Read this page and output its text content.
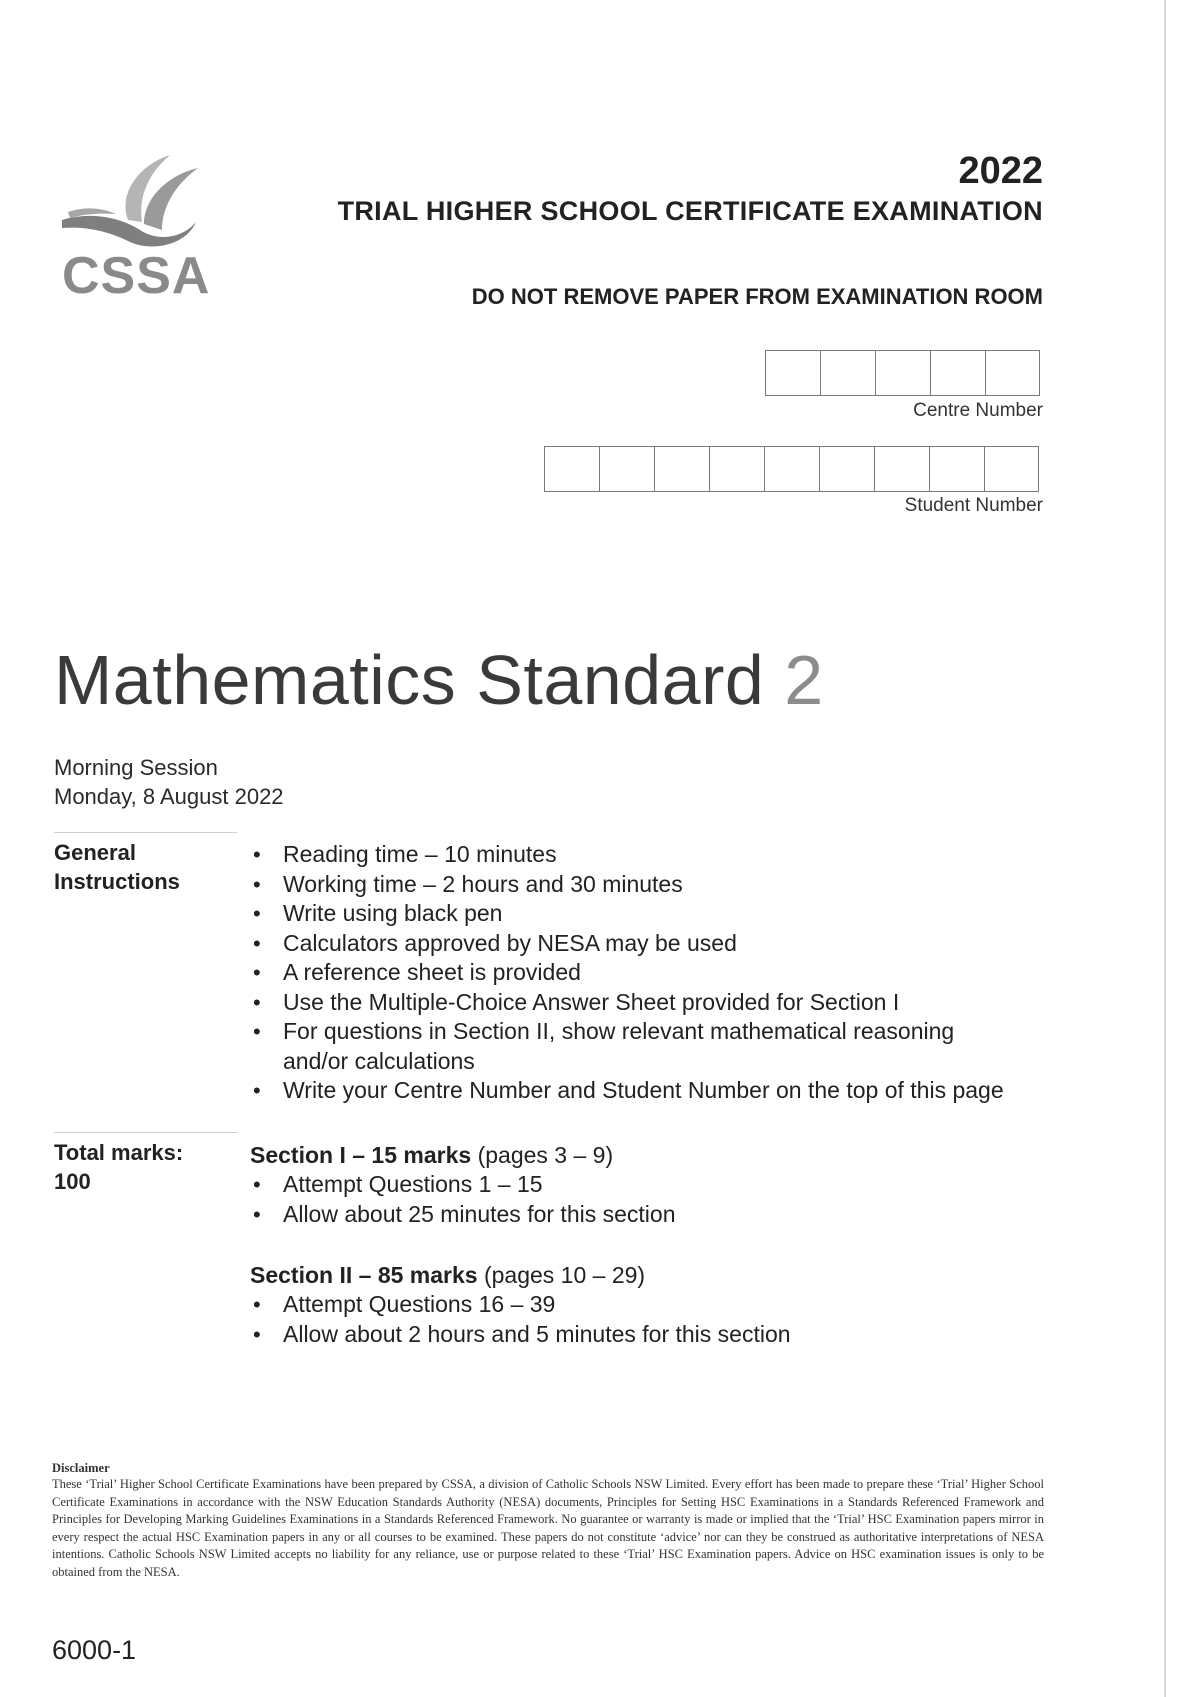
CSSA
2022
TRIAL HIGHER SCHOOL CERTIFICATE EXAMINATION
DO NOT REMOVE PAPER FROM EXAMINATION ROOM
Centre Number
Student Number
Mathematics Standard 2
Morning Session
Monday, 8 August 2022
General
Instructions
• Reading time – 10 minutes
• Working time – 2 hours and 30 minutes
• Write using black pen
• Calculators approved by NESA may be used
• A reference sheet is provided
• Use the Multiple-Choice Answer Sheet provided for Section I
• For questions in Section II, show relevant mathematical reasoning and/or calculations
• Write your Centre Number and Student Number on the top of this page
Total marks:
100
Section I – 15 marks (pages 3 – 9)
• Attempt Questions 1 – 15
• Allow about 25 minutes for this section
Section II – 85 marks (pages 10 – 29)
• Attempt Questions 16 – 39
• Allow about 2 hours and 5 minutes for this section
Disclaimer
These ‘Trial’ Higher School Certificate Examinations have been prepared by CSSA, a division of Catholic Schools NSW Limited. Every effort has been made to prepare these ‘Trial’ Higher School Certificate Examinations in accordance with the NSW Education Standards Authority (NESA) documents, Principles for Setting HSC Examinations in a Standards Referenced Framework and Principles for Developing Marking Guidelines Examinations in a Standards Referenced Framework. No guarantee or warranty is made or implied that the ‘Trial’ HSC Examination papers mirror in every respect the actual HSC Examination papers in any or all courses to be examined. These papers do not constitute ‘advice’ nor can they be construed as authoritative interpretations of NESA intentions. Catholic Schools NSW Limited accepts no liability for any reliance, use or purpose related to these ‘Trial’ HSC Examination papers. Advice on HSC examination issues is only to be obtained from the NESA.
6000-1
